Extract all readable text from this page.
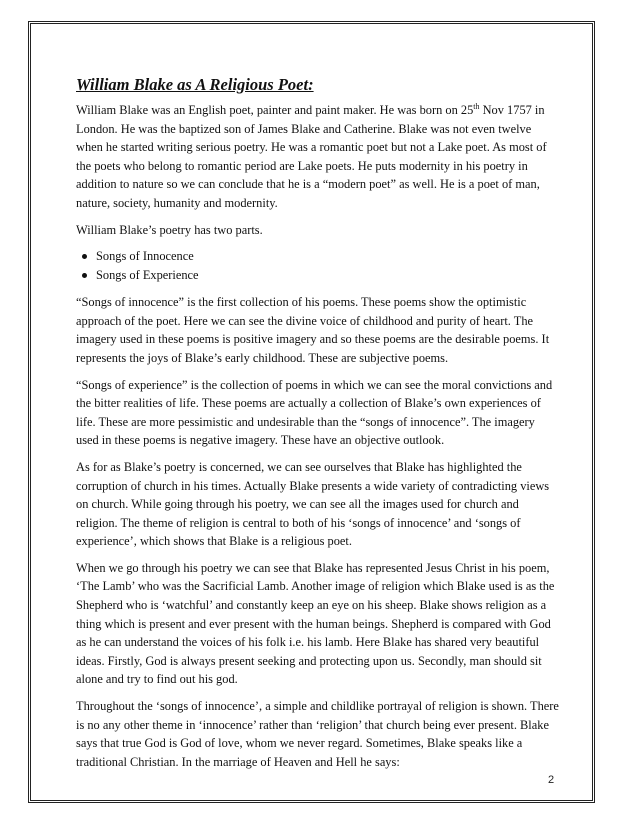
William Blake as A Religious Poet:

William Blake was an English poet, painter and paint maker. He was born on 25th Nov 1757 in
London. He was the baptized son of James Blake and Catherine. Blake was not even twelve
when he started writing serious poetry. He was a romantic poet but not a Lake poet. As most of
the poets who belong to romantic period are Lake poets. He puts modernity in his poetry in
addition to nature so we can conclude that he is a “modern poet” as well. He is a poet of man,
nature, society, humanity and modernity.

William Blake’s poetry has two parts.

Songs of Innocence
Songs of Experience

“Songs of innocence” is the first collection of his poems. These poems show the optimistic
approach of the poet. Here we can see the divine voice of childhood and purity of heart. The
imagery used in these poems is positive imagery and so these poems are the desirable poems. It
represents the joys of Blake’s early childhood. These are subjective poems.

“Songs of experience” is the collection of poems in which we can see the moral convictions and
the bitter realities of life. These poems are actually a collection of Blake’s own experiences of
life. These are more pessimistic and undesirable than the “songs of innocence”. The imagery
used in these poems is negative imagery. These have an objective outlook.

As for as Blake’s poetry is concerned, we can see ourselves that Blake has highlighted the
corruption of church in his times. Actually Blake presents a wide variety of contradicting views
on church. While going through his poetry, we can see all the images used for church and
religion. The theme of religion is central to both of his ‘songs of innocence’ and ‘songs of
experience’, which shows that Blake is a religious poet.

When we go through his poetry we can see that Blake has represented Jesus Christ in his poem,
‘The Lamb’ who was the Sacrificial Lamb. Another image of religion which Blake used is as the
Shepherd who is ‘watchful’ and constantly keep an eye on his sheep. Blake shows religion as a
thing which is present and ever present with the human beings. Shepherd is compared with God
as he can understand the voices of his folk i.e. his lamb. Here Blake has shared very beautiful
ideas. Firstly, God is always present seeking and protecting upon us. Secondly, man should sit
alone and try to find out his god.

Throughout the ‘songs of innocence’, a simple and childlike portrayal of religion is shown. There
is no any other theme in ‘innocence’ rather than ‘religion’ that church being ever present. Blake
says that true God is God of love, whom we never regard. Sometimes, Blake speaks like a
traditional Christian. In the marriage of Heaven and Hell he says:

2
